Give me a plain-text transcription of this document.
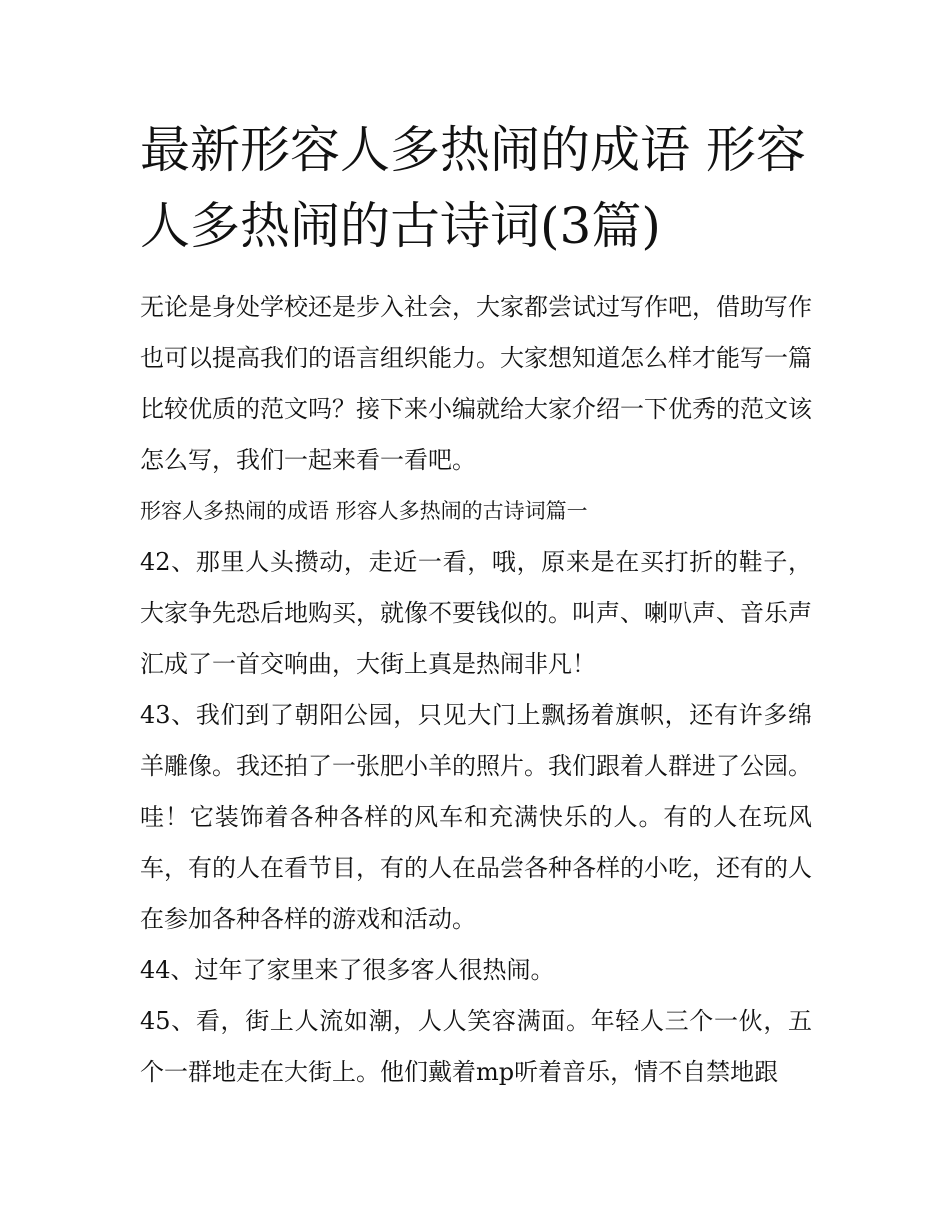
最新形容人多热闹的成语 形容
人多热闹的古诗词(3篇)

无论是身处学校还是步入社会，大家都尝试过写作吧，借助写作也可以提高我们的语言组织能力。大家想知道怎么样才能写一篇比较优质的范文吗？接下来小编就给大家介绍一下优秀的范文该怎么写，我们一起来看一看吧。

形容人多热闹的成语 形容人多热闹的古诗词篇一

42、那里人头攒动，走近一看，哦，原来是在买打折的鞋子，大家争先恐后地购买，就像不要钱似的。叫声、喇叭声、音乐声汇成了一首交响曲，大街上真是热闹非凡！

43、我们到了朝阳公园，只见大门上飘扬着旗帜，还有许多绵羊雕像。我还拍了一张肥小羊的照片。我们跟着人群进了公园。哇！它装饰着各种各样的风车和充满快乐的人。有的人在玩风车，有的人在看节目，有的人在品尝各种各样的小吃，还有的人在参加各种各样的游戏和活动。

44、过年了家里来了很多客人很热闹。

45、看，街上人流如潮，人人笑容满面。年轻人三个一伙，五个一群地走在大街上。他们戴着mp听着音乐，情不自禁地跟
